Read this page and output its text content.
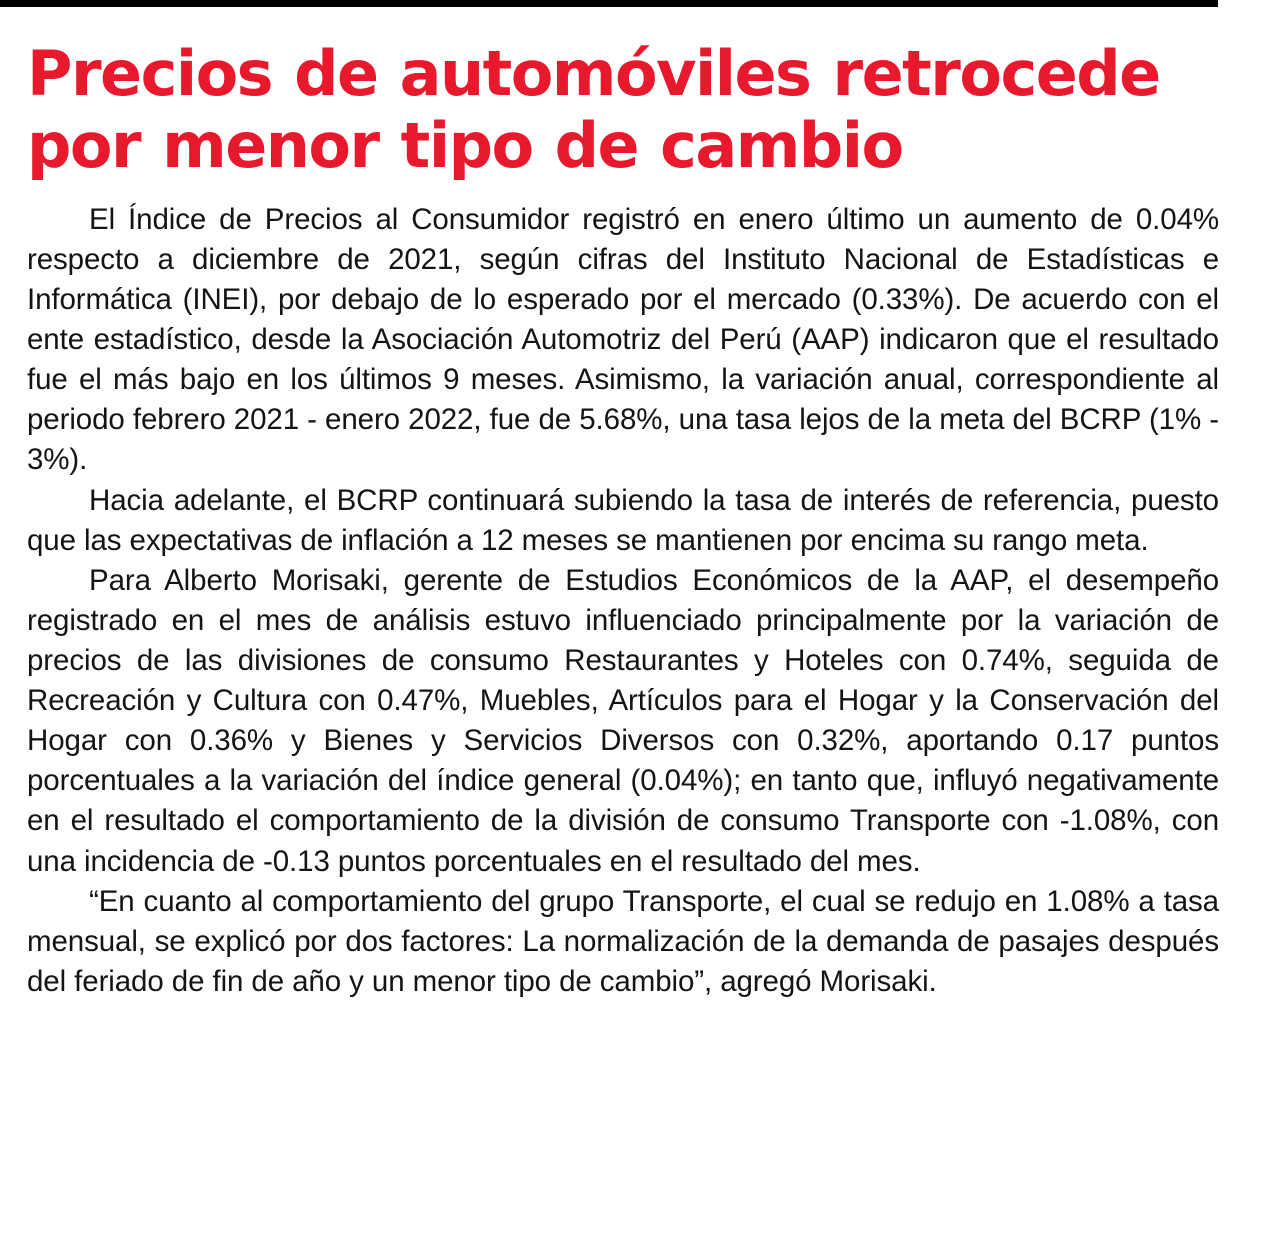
Precios de automóviles retrocede
por menor tipo de cambio

El Índice de Precios al Consumidor registró en enero último un aumento de 0.04% respecto a diciembre de 2021, según cifras del Instituto Nacional de Estadísticas e Informática (INEI), por debajo de lo esperado por el mercado (0.33%). De acuerdo con el ente estadístico, desde la Asociación Automotriz del Perú (AAP) indicaron que el resultado fue el más bajo en los últimos 9 meses. Asimismo, la variación anual, correspondiente al periodo febrero 2021 - enero 2022, fue de 5.68%, una tasa lejos de la meta del BCRP (1% - 3%).

Hacia adelante, el BCRP continuará subiendo la tasa de interés de referencia, puesto que las expectativas de inflación a 12 meses se mantienen por encima su rango meta.

Para Alberto Morisaki, gerente de Estudios Económicos de la AAP, el desempeño registrado en el mes de análisis estuvo influenciado principalmente por la variación de precios de las divisiones de consumo Restaurantes y Hoteles con 0.74%, seguida de Recreación y Cultura con 0.47%, Muebles, Artículos para el Hogar y la Conservación del Hogar con 0.36% y Bienes y Servicios Diversos con 0.32%, aportando 0.17 puntos porcentuales a la variación del índice general (0.04%); en tanto que, influyó negativamente en el resultado el comportamiento de la división de consumo Transporte con -1.08%, con una incidencia de -0.13 puntos porcentuales en el resultado del mes.

“En cuanto al comportamiento del grupo Transporte, el cual se redujo en 1.08% a tasa mensual, se explicó por dos factores: La normalización de la demanda de pasajes después del feriado de fin de año y un menor tipo de cambio”, agregó Morisaki.
